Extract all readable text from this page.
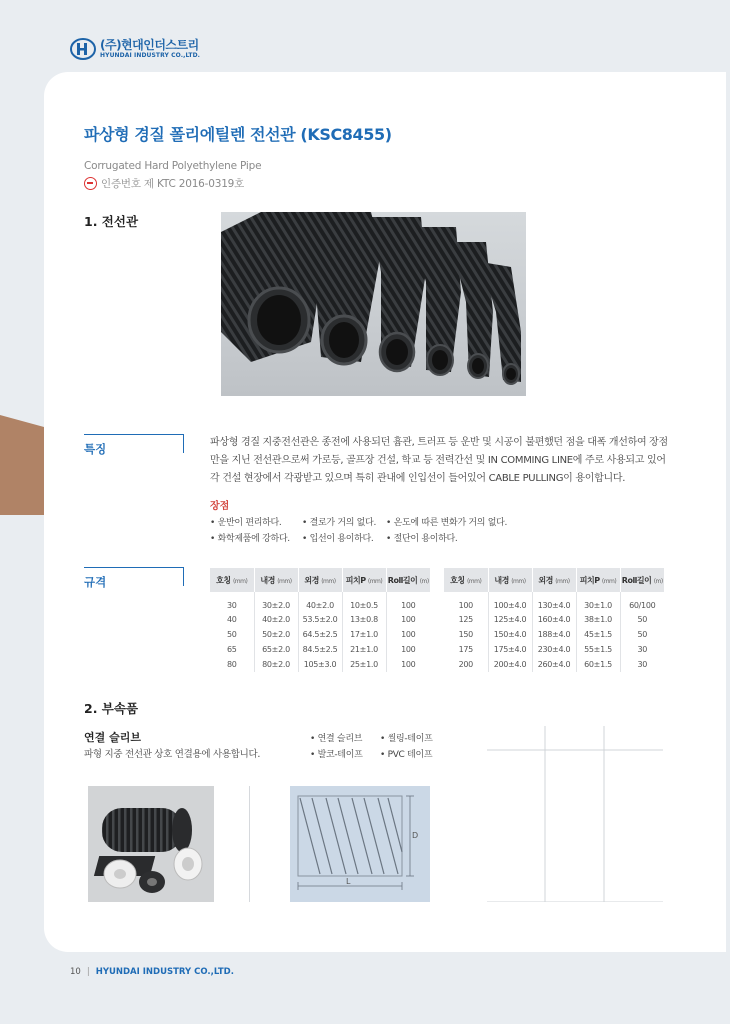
(주)현대인더스트리
HYUNDAI INDUSTRY CO.,LTD.
파상형 경질 폴리에틸렌 전선관 (KSC8455)
Corrugated Hard Polyethylene Pipe
인증번호 제 KTC 2016-0319호
1. 전선관
특징	파상형 경질 지중전선관은 종전에 사용되던 흄관, 트러프 등 운반 및 시공이 불편했던 점을 대폭 개선하여 장점만을 지닌 전선관으로써 가로등, 골프장 건설, 학교 등 전력간선 및 IN COMMING LINE에 주로 사용되고 있어 각 건설 현장에서 각광받고 있으며 특히 관내에 인입선이 들어있어 CABLE PULLING이 용이합니다.
장점
• 운반이 편리하다.	• 결로가 거의 없다.	• 온도에 따른 변화가 거의 없다.
• 화학제품에 강하다.	• 입선이 용이하다.	• 절단이 용이하다.
규격	호칭 (mm)	내경 (mm)	외경 (mm)	피치P (mm)	Roll길이 (m)
30	30±2.0	40±2.0	10±0.5	100
40	40±2.0	53.5±2.0	13±0.8	100
50	50±2.0	64.5±2.5	17±1.0	100
65	65±2.0	84.5±2.5	21±1.0	100
80	80±2.0	105±3.0	25±1.0	100
호칭 (mm)	내경 (mm)	외경 (mm)	피치P (mm)	Roll길이 (m)
100	100±4.0	130±4.0	30±1.0	60/100
125	125±4.0	160±4.0	38±1.0	50
150	150±4.0	188±4.0	45±1.5	50
175	175±4.0	230±4.0	55±1.5	30
200	200±4.0	260±4.0	60±1.5	30
2. 부속품
연결 슬리브
파형 지중 전선관 상호 연결용에 사용합니다.
• 연결 슬리브
• 발코-테이프
• 씰링-테이프
• PVC 테이프
D
L
10 | HYUNDAI INDUSTRY CO.,LTD.
